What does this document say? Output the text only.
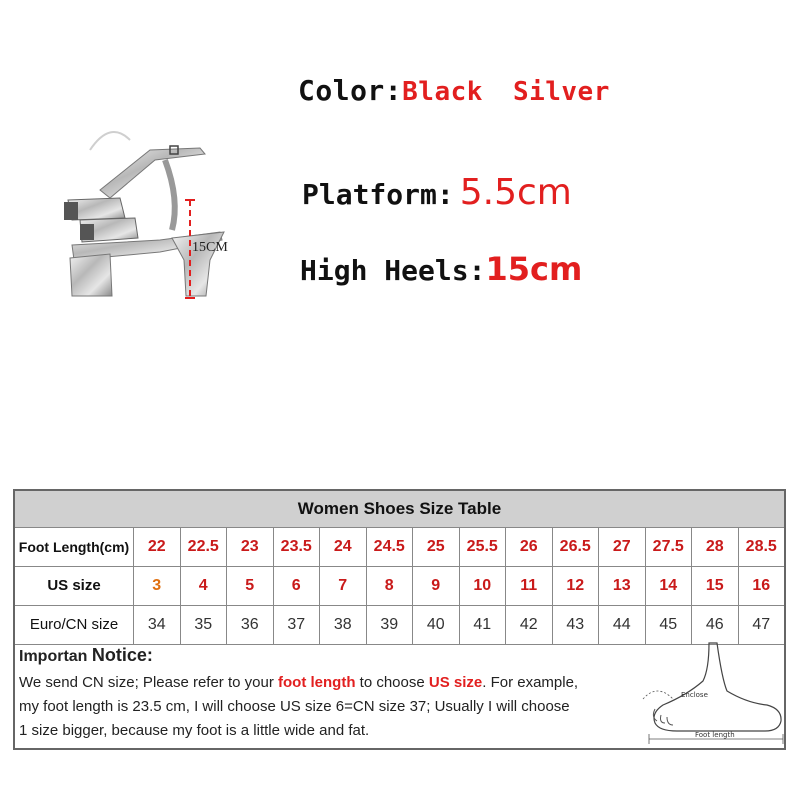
15CM
Color:Black Silver
Platform: 5.5cm
High Heels:15cm
Women Shoes Size Table
Foot Length(cm)	22	22.5	23	23.5	24	24.5	25	25.5	26	26.5	27	27.5	28	28.5
US size	3	4	5	6	7	8	9	10	11	12	13	14	15	16
Euro/CN size	34	35	36	37	38	39	40	41	42	43	44	45	46	47
Importan Notice:
We send CN size; Please refer to your foot length to choose US size. For example,
my foot length is 23.5 cm, I will choose US size 6=CN size 37; Usually I will choose
1 size bigger, because my foot is a little wide and fat.
Enclose
Foot length
